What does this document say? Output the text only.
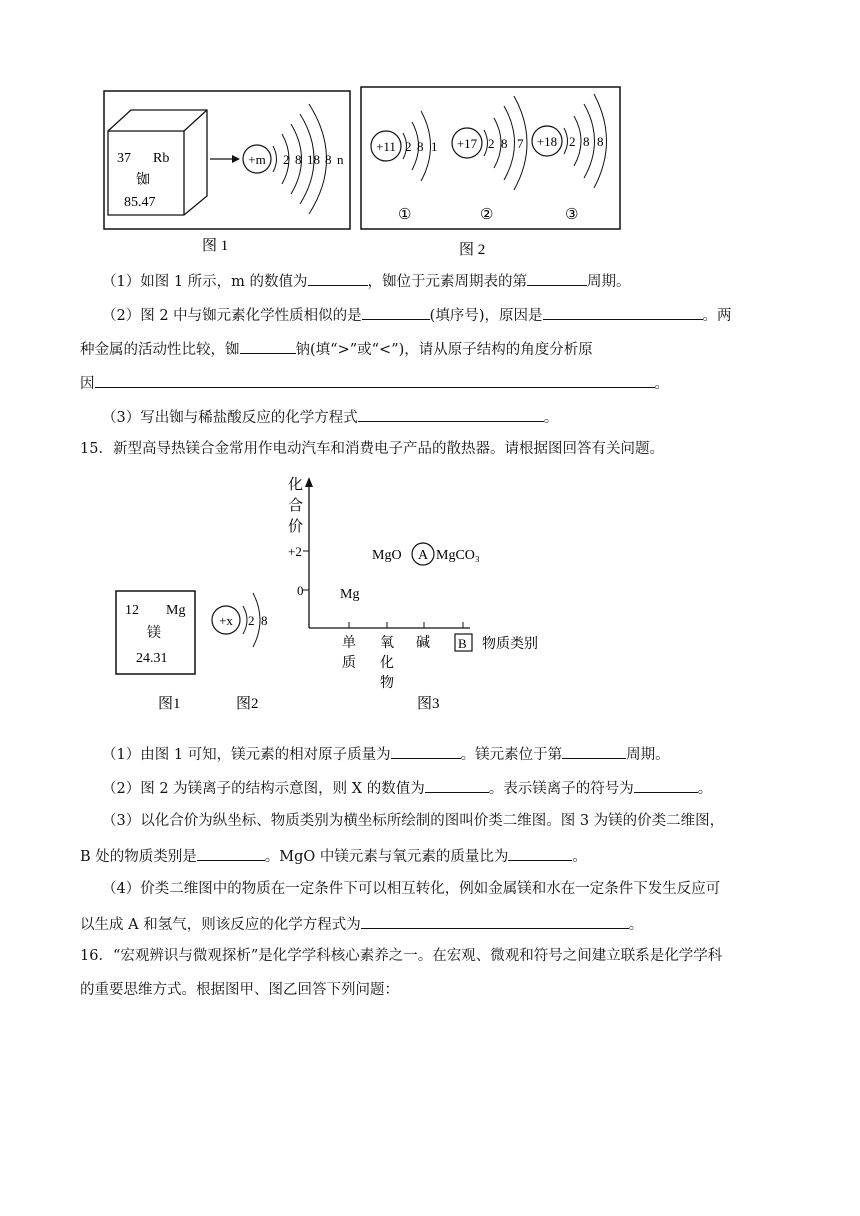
37 Rb
铷
85.47
+m 2 8 18 8 n
图 1
+11 2 8 1
①
+17 2 8 7
②
+18 2 8 8
③
图 2
（1）如图 1 所示，m 的数值为	，铷位于元素周期表的第	周期。
（2）图 2 中与铷元素化学性质相似的是	(填序号)，原因是	。两
种金属的活动性比较，铷	钠(填“>”或“<”)，请从原子结构的角度分析原
因	。
（3）写出铷与稀盐酸反应的化学方程式	。
15．新型高导热镁合金常用作电动汽车和消费电子产品的散热器。请根据图回答有关问题。
12 Mg
镁
24.31
图1
+x 2 8
图2
化
合
价
+2
0
单
质
氧
化
物
碱 B 物质类别
Mg
MgO A MgCO₃
图3
（1）由图 1 可知，镁元素的相对原子质量为	。镁元素位于第	周期。
（2）图 2 为镁离子的结构示意图，则 X 的数值为	。表示镁离子的符号为	。
（3）以化合价为纵坐标、物质类别为横坐标所绘制的图叫价类二维图。图 3 为镁的价类二维图，
B 处的物质类别是	。MgO 中镁元素与氧元素的质量比为	。
（4）价类二维图中的物质在一定条件下可以相互转化，例如金属镁和水在一定条件下发生反应可
以生成 A 和氢气，则该反应的化学方程式为	。
16．“宏观辨识与微观探析”是化学学科核心素养之一。在宏观、微观和符号之间建立联系是化学学科
的重要思维方式。根据图甲、图乙回答下列问题：
